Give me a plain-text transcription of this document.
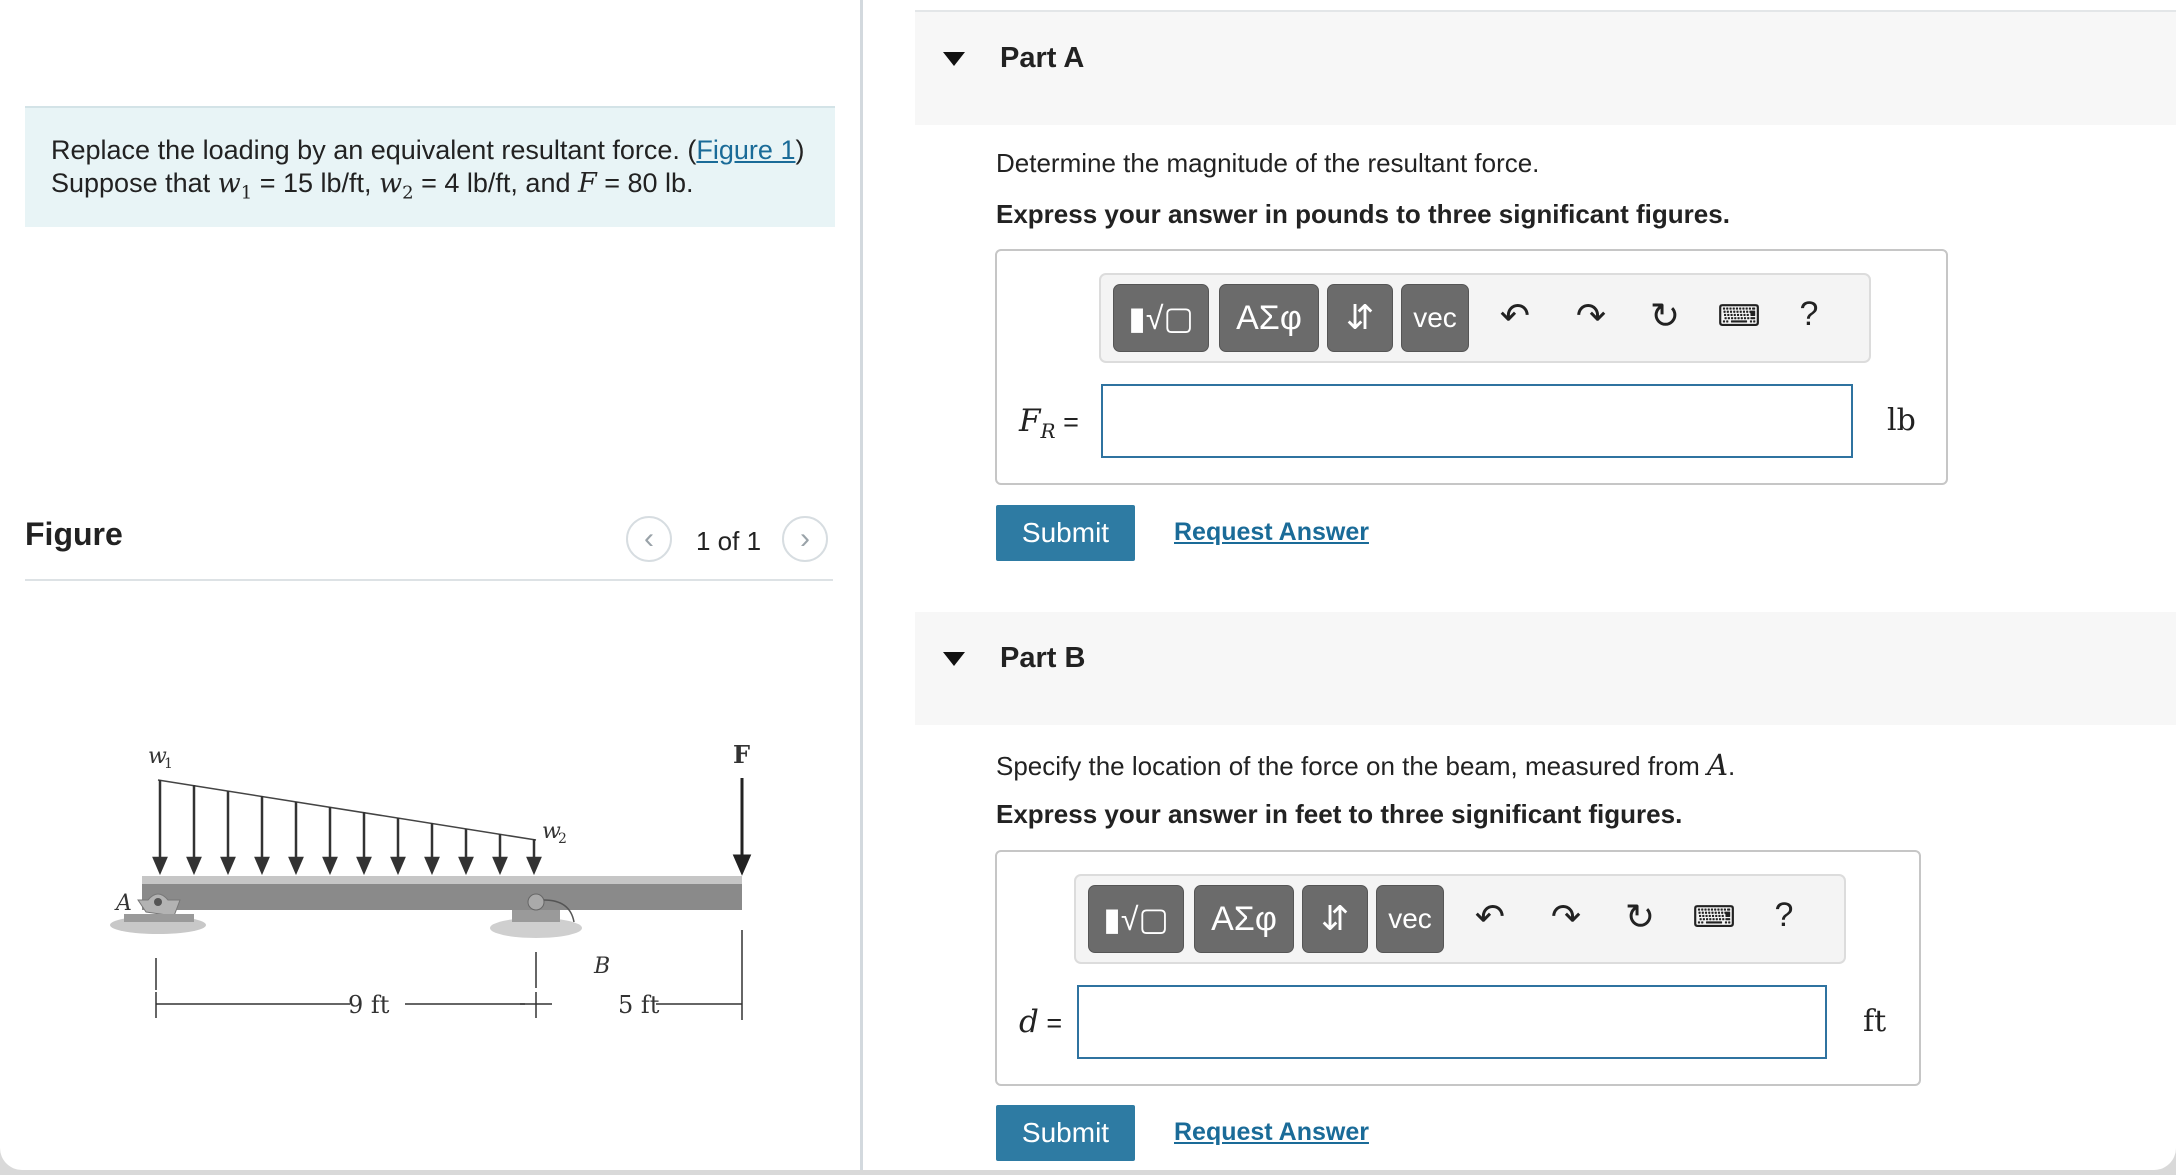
Replace the loading by an equivalent resultant force. (Figure 1)
Suppose that $w_1 = 15$ lb/ft, $w_2 = 4$ lb/ft, and F = 80 lb.
Figure	‹ 1 of 1 ›
w
1
w
2
F
A
B
9 ft	5 ft
Part A
Determine the magnitude of the resultant force.
Express your answer in pounds to three significant figures.
▮√▢	ΑΣφ	⇵	vec	↶ ↷ ↻ ⌨	?
$F_R$ =	lb
Submit	Request Answer
Part B
Specify the location of the force on the beam, measured from A.
Express your answer in feet to three significant figures.
▮√▢	ΑΣφ	⇵	vec	↶ ↷ ↻ ⌨	?
d =	ft
Submit	Request Answer
